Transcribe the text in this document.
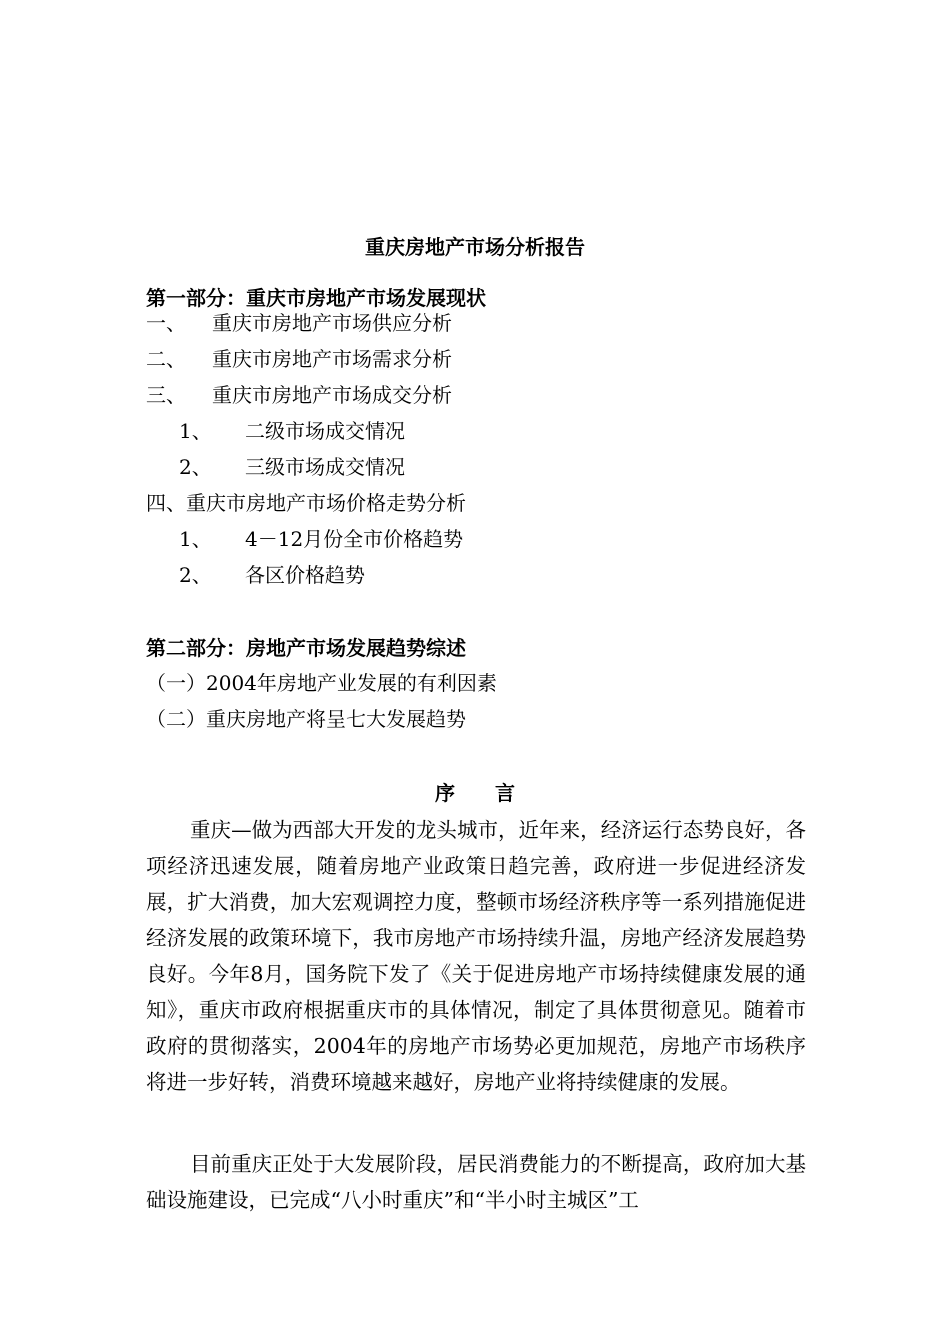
重庆房地产市场分析报告
第一部分：重庆市房地产市场发展现状
一、 重庆市房地产市场供应分析
二、 重庆市房地产市场需求分析
三、 重庆市房地产市场成交分析
1、 二级市场成交情况
2、 三级市场成交情况
四、重庆市房地产市场价格走势分析
1、 4－12月份全市价格趋势
2、 各区价格趋势
第二部分：房地产市场发展趋势综述
（一）2004年房地产业发展的有利因素
（二）重庆房地产将呈七大发展趋势
序言

重庆—做为西部大开发的龙头城市，近年来，经济运行态势良好，各项经济迅速发展，随着房地产业政策日趋完善，政府进一步促进经济发展，扩大消费，加大宏观调控力度，整顿市场经济秩序等一系列措施促进经济发展的政策环境下，我市房地产市场持续升温，房地产经济发展趋势良好。今年8月，国务院下发了《关于促进房地产市场持续健康发展的通知》，重庆市政府根据重庆市的具体情况，制定了具体贯彻意见。随着市政府的贯彻落实，2004年的房地产市场势必更加规范，房地产市场秩序将进一步好转，消费环境越来越好，房地产业将持续健康的发展。

目前重庆正处于大发展阶段，居民消费能力的不断提高，政府加大基础设施建设，已完成“八小时重庆”和“半小时主城区”工
